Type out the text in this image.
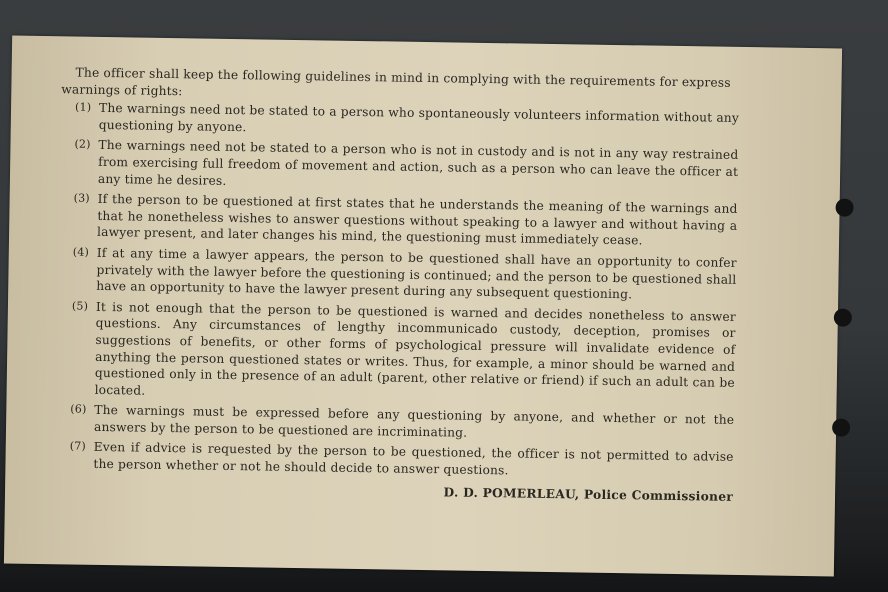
The officer shall keep the following guidelines in mind in complying with the requirements for express warnings of rights:

(1) The warnings need not be stated to a person who spontaneously volunteers information without any questioning by anyone.
(2) The warnings need not be stated to a person who is not in custody and is not in any way restrained from exercising full freedom of movement and action, such as a person who can leave the officer at any time he desires.
(3) If the person to be questioned at first states that he understands the meaning of the warnings and that he nonetheless wishes to answer questions without speaking to a lawyer and without having a lawyer present, and later changes his mind, the questioning must immediately cease.
(4) If at any time a lawyer appears, the person to be questioned shall have an opportunity to confer privately with the lawyer before the questioning is continued; and the person to be questioned shall have an opportunity to have the lawyer present during any subsequent questioning.
(5) It is not enough that the person to be questioned is warned and decides nonetheless to answer questions. Any circumstances of lengthy incommunicado custody, deception, promises or suggestions of benefits, or other forms of psychological pressure will invalidate evidence of anything the person questioned states or writes. Thus, for example, a minor should be warned and questioned only in the presence of an adult (parent, other relative or friend) if such an adult can be located.
(6) The warnings must be expressed before any questioning by anyone, and whether or not the answers by the person to be questioned are incriminating.
(7) Even if advice is requested by the person to be questioned, the officer is not permitted to advise the person whether or not he should decide to answer questions.
D. D. POMERLEAU, Police Commissioner
